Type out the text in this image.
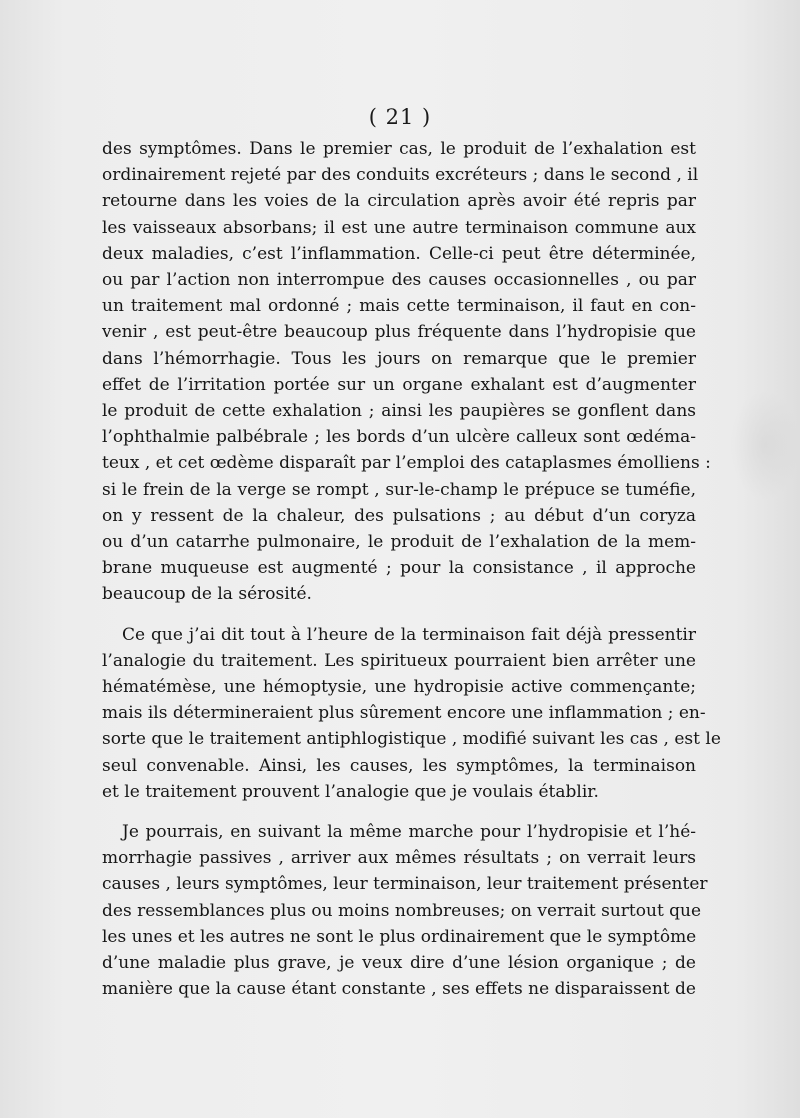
( 21 )

des symptômes. Dans le premier cas, le produit de l’exhalation est
ordinairement rejeté par des conduits excréteurs ; dans le second , il
retourne dans les voies de la circulation après avoir été repris par
les vaisseaux absorbans; il est une autre terminaison commune aux
deux maladies, c’est l’inflammation. Celle-ci peut être déterminée,
ou par l’action non interrompue des causes occasionnelles , ou par
un traitement mal ordonné ; mais cette terminaison, il faut en con-
venir , est peut-être beaucoup plus fréquente dans l’hydropisie que
dans l’hémorrhagie. Tous les jours on remarque que le premier
effet de l’irritation portée sur un organe exhalant est d’augmenter
le produit de cette exhalation ; ainsi les paupières se gonflent dans
l’ophthalmie palbébrale ; les bords d’un ulcère calleux sont œdéma-
teux , et cet œdème disparaît par l’emploi des cataplasmes émolliens :
si le frein de la verge se rompt , sur-le-champ le prépuce se tuméfie,
on y ressent de la chaleur, des pulsations ; au début d’un coryza
ou d’un catarrhe pulmonaire, le produit de l’exhalation de la mem-
brane muqueuse est augmenté ; pour la consistance , il approche
beaucoup de la sérosité.

Ce que j’ai dit tout à l’heure de la terminaison fait déjà pressentir
l’analogie du traitement. Les spiritueux pourraient bien arrêter une
hématémèse, une hémoptysie, une hydropisie active commençante;
mais ils détermineraient plus sûrement encore une inflammation ; en-
sorte que le traitement antiphlogistique , modifié suivant les cas , est le
seul convenable. Ainsi, les causes, les symptômes, la terminaison
et le traitement prouvent l’analogie que je voulais établir.

Je pourrais, en suivant la même marche pour l’hydropisie et l’hé-
morrhagie passives , arriver aux mêmes résultats ; on verrait leurs
causes , leurs symptômes, leur terminaison, leur traitement présenter
des ressemblances plus ou moins nombreuses; on verrait surtout que
les unes et les autres ne sont le plus ordinairement que le symptôme
d’une maladie plus grave, je veux dire d’une lésion organique ; de
manière que la cause étant constante , ses effets ne disparaissent de
